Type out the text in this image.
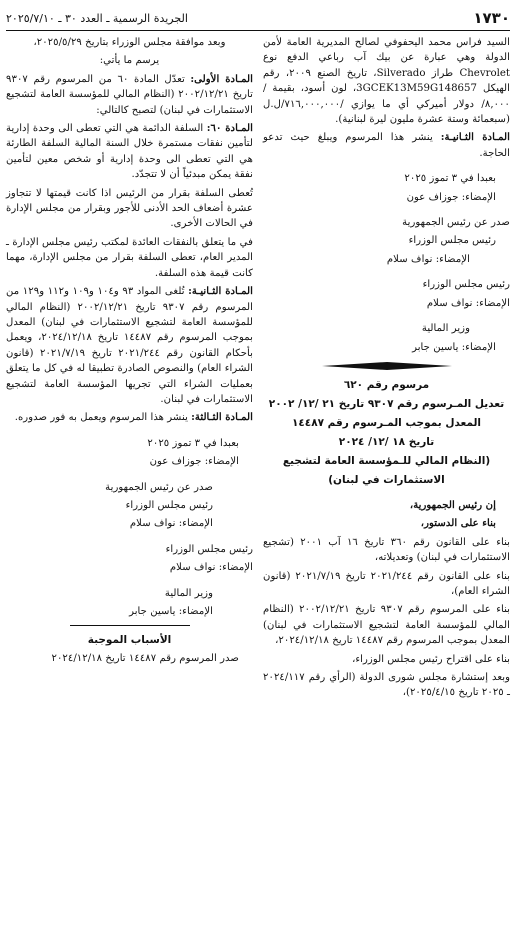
١٧٣٠
الجريدة الرسمية ـ العدد ٣٠ ـ ٢٠٢٥/٧/١٠

السيد فراس محمد اليحفوفي لصالح المديرية العامة لأمن الدولة وهي عبارة عن بيك آب رباعي الدفع نوع Chevrolet طراز Silverado، تاريخ الصنع ٢٠٠٩، رقم الهيكل 3GCEK13M59G148657، لون أسود، بقيمة /٨,٠٠٠/ دولار أميركي أي ما يوازي /٧١٦,٠٠٠,٠٠٠/ل.ل (سبعمائة وستة عشرة مليون ليرة لبنانية).

المـادة الثـانيـة: ينشر هذا المرسوم ويبلغ حيث تدعو الحاجة.

بعبدا في ٣ تموز ٢٠٢٥

الإمضاء: جوزاف عون

صدر عن رئيس الجمهورية

رئيس مجلس الوزراء

الإمضاء: نواف سلام

رئيس مجلس الوزراء

الإمضاء: نواف سلام

وزير المالية

الإمضاء: ياسين جابر

مرسوم رقم ٦٢٠

تعديل المـرسوم رقم ٩٣٠٧ تاريخ ٢١ /١٢/ ٢٠٠٢

المعدل بموجب المـرسوم رقم ١٤٤٨٧

تاريخ ١٨ /١٢/ ٢٠٢٤

(النظام المالي للـمؤسسة العامة لتشجيع

الاستثمارات في لبنان)

إن رئيس الجمهورية،

بناء على الدستور،

بناء على القانون رقم ٣٦٠ تاريخ ١٦ آب ٢٠٠١ (تشجيع الاستثمارات في لبنان) وتعديلاته،

بناء على القانون رقم ٢٠٢١/٢٤٤ تاريخ ٢٠٢١/٧/١٩ (قانون الشراء العام)،

بناء على المرسوم رقم ٩٣٠٧ تاريخ ٢٠٠٢/١٢/٢١ (النظام المالي للمؤسسة العامة لتشجيع الاستثمارات في لبنان) المعدل بموجب المرسوم رقم ١٤٤٨٧ تاريخ ٢٠٢٤/١٢/١٨،

بناء على اقتراح رئيس مجلس الوزراء،

وبعد إستشارة مجلس شورى الدولة (الرأي رقم ٢٠٢٤/١١٧ ـ ٢٠٢٥ تاريخ ٢٠٢٥/٤/١٥)،

وبعد موافقة مجلس الوزراء بتاريخ ٢٠٢٥/٥/٢٩،

يرسم ما يأتي:

المـادة الأولى: تعدّل المادة ٦٠ من المرسوم رقم ٩٣٠٧ تاريخ ٢٠٠٢/١٢/٢١ (النظام المالي للمؤسسة العامة لتشجيع الاستثمارات في لبنان) لتصبح كالتالي:

المـادة ٦٠: السلفة الدائمة هي التي تعطى الى وحدة إدارية لتأمين نفقات مستمرة خلال السنة المالية السلفة الطارئة هي التي تعطى الى وحدة إدارية أو شخص معين لتأمين نفقة يمكن مبدئياً أن لا تتجدّد.

تُعطى السلفة بقرار من الرئيس اذا كانت قيمتها لا تتجاوز عشرة أضعاف الحد الأدنى للأجور وبقرار من مجلس الإدارة في الحالات الأخرى.

في ما يتعلق بالنفقات العائدة لمكتب رئيس مجلس الإدارة ـ المدير العام، تعطى السلفة بقرار من مجلس الإدارة، مهما كانت قيمة هذه السلفة.

المـادة الثـانيـة: تُلغى المواد ٩٣ و١٠٤ و١٠٩ و١١٢ و١٢٩ من المرسوم رقم ٩٣٠٧ تاريخ ٢٠٠٢/١٢/٢١ (النظام المالي للمؤسسة العامة لتشجيع الاستثمارات في لبنان) المعدل بموجب المرسوم رقم ١٤٤٨٧ تاريخ ٢٠٢٤/١٢/١٨، ويعمل بأحكام القانون رقم ٢٠٢١/٢٤٤ تاريخ ٢٠٢١/٧/١٩ (قانون الشراء العام) والنصوص الصادرة تطبيقا له في كل ما يتعلق بعمليات الشراء التي تجريها المؤسسة العامة لتشجيع الاستثمارات في لبنان.

المـادة الثـالثة: ينشر هذا المرسوم ويعمل به فور صدوره.

بعبدا في ٣ تموز ٢٠٢٥

الإمضاء: جوزاف عون

صدر عن رئيس الجمهورية

رئيس مجلس الوزراء

الإمضاء: نواف سلام

رئيس مجلس الوزراء

الإمضاء: نواف سلام

وزير المالية

الإمضاء: ياسين جابر

الأسباب الموجبة

صدر المرسوم رقم ١٤٤٨٧ تاريخ ٢٠٢٤/١٢/١٨
